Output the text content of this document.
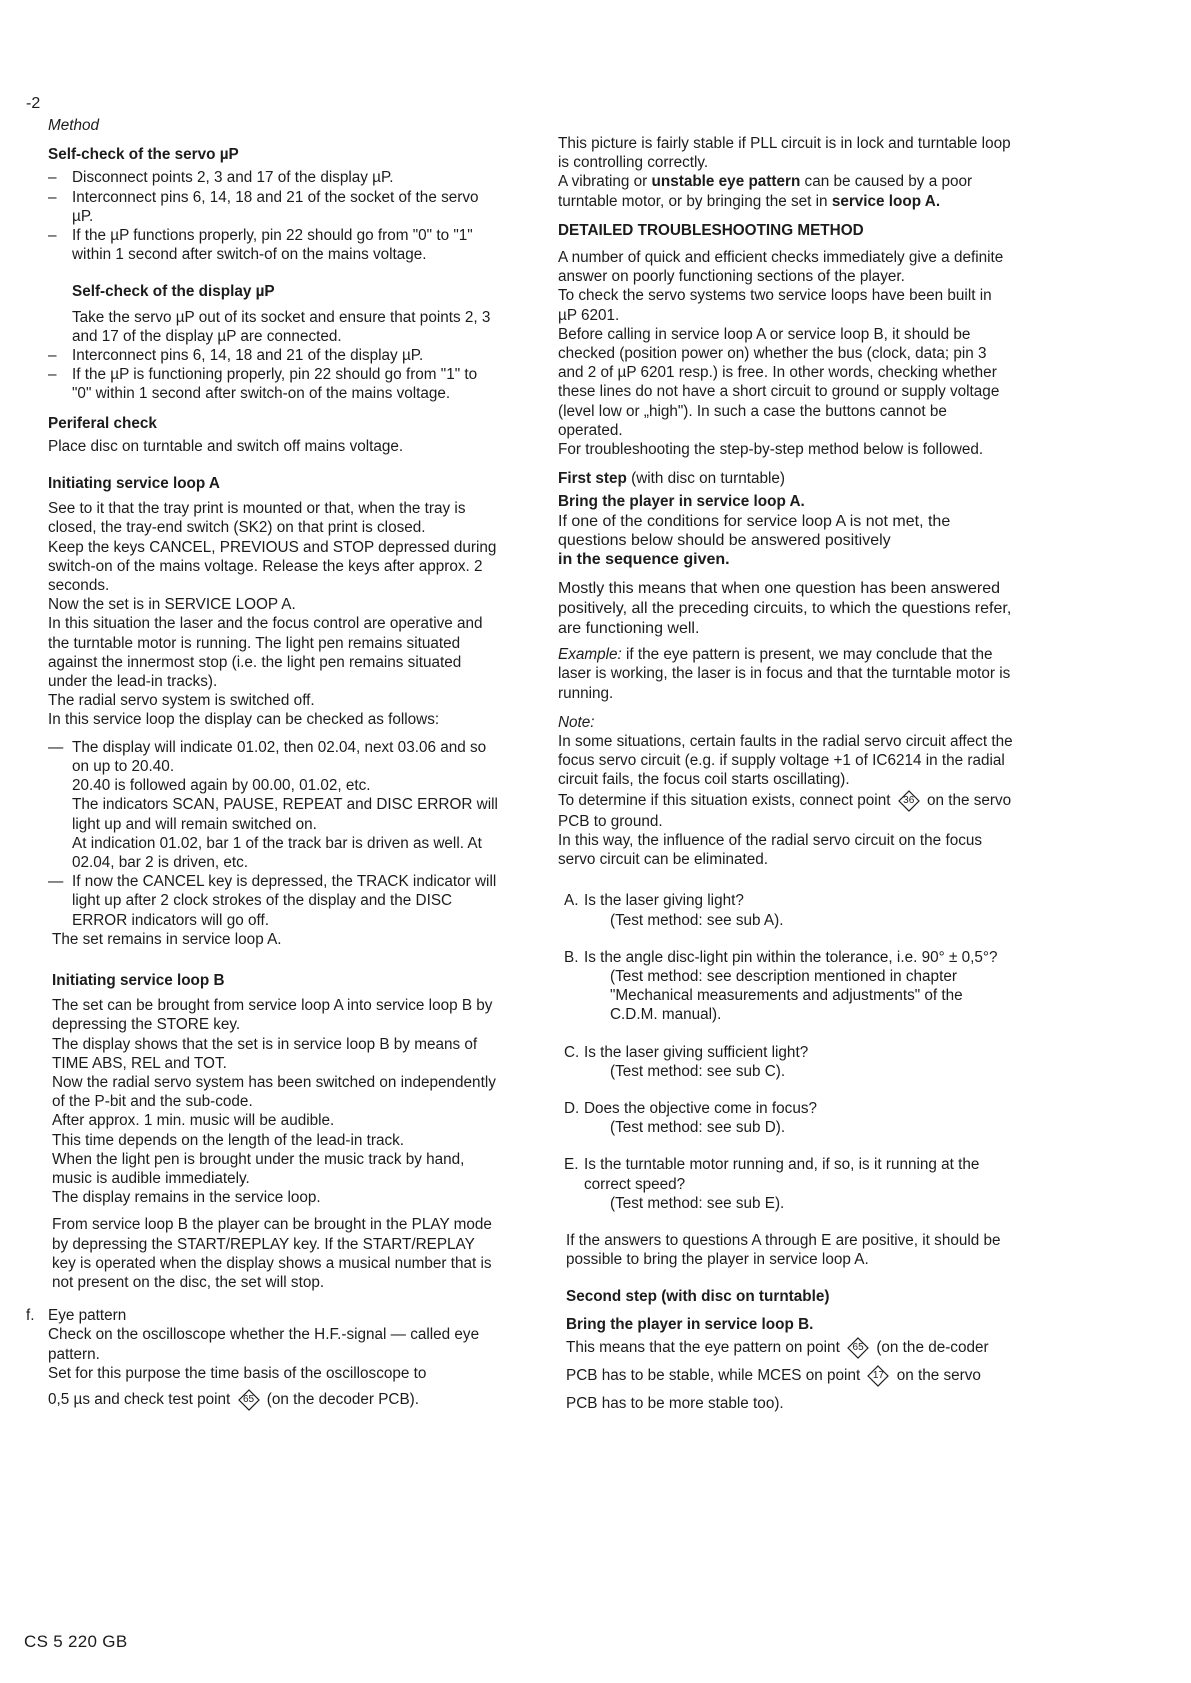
-2

Method

Self-check of the servo µP

– Disconnect points 2, 3 and 17 of the display µP.

– Interconnect pins 6, 14, 18 and 21 of the socket of the servo µP.

– If the µP functions properly, pin 22 should go from "0" to "1" within 1 second after switch-of on the mains voltage.

Self-check of the display µP

Take the servo µP out of its socket and ensure that points 2, 3 and 17 of the display µP are connected.

– Interconnect pins 6, 14, 18 and 21 of the display µP.

– If the µP is functioning properly, pin 22 should go from "1" to "0" within 1 second after switch-on of the mains voltage.

Periferal check

Place disc on turntable and switch off mains voltage.

Initiating service loop A

See to it that the tray print is mounted or that, when the tray is closed, the tray-end switch (SK2) on that print is closed.
Keep the keys CANCEL, PREVIOUS and STOP depressed during switch-on of the mains voltage. Release the keys after approx. 2 seconds.
Now the set is in SERVICE LOOP A.
In this situation the laser and the focus control are operative and the turntable motor is running. The light pen remains situated against the innermost stop (i.e. the light pen remains situated under the lead-in tracks).
The radial servo system is switched off.
In this service loop the display can be checked as follows:

— The display will indicate 01.02, then 02.04, next 03.06 and so on up to 20.40.
20.40 is followed again by 00.00, 01.02, etc.
The indicators SCAN, PAUSE, REPEAT and DISC ERROR will light up and will remain switched on.
At indication 01.02, bar 1 of the track bar is driven as well. At 02.04, bar 2 is driven, etc.

— If now the CANCEL key is depressed, the TRACK indicator will light up after 2 clock strokes of the display and the DISC ERROR indicators will go off.

The set remains in service loop A.

Initiating service loop B

The set can be brought from service loop A into service loop B by depressing the STORE key.
The display shows that the set is in service loop B by means of TIME ABS, REL and TOT.
Now the radial servo system has been switched on independently of the P-bit and the sub-code.
After approx. 1 min. music will be audible.
This time depends on the length of the lead-in track.
When the light pen is brought under the music track by hand, music is audible immediately.
The display remains in the service loop.

From service loop B the player can be brought in the PLAY mode by depressing the START/REPLAY key. If the START/REPLAY key is operated when the display shows a musical number that is not present on the disc, the set will stop.

f. Eye pattern

Check on the oscilloscope whether the H.F.-signal — called eye pattern.
Set for this purpose the time basis of the oscilloscope to

0,5 µs and check test point	65 (on the decoder PCB).

This picture is fairly stable if PLL circuit is in lock and turntable loop is controlling correctly.

A vibrating or unstable eye pattern can be caused by a poor turntable motor, or by bringing the set in service loop A.

DETAILED TROUBLESHOOTING METHOD

A number of quick and efficient checks immediately give a definite answer on poorly functioning sections of the player.
To check the servo systems two service loops have been built in µP 6201.
Before calling in service loop A or service loop B, it should be checked (position power on) whether the bus (clock, data; pin 3 and 2 of µP 6201 resp.) is free. In other words, checking whether these lines do not have a short circuit to ground or supply voltage (level low or „high"). In such a case the buttons cannot be operated.
For troubleshooting the step-by-step method below is followed.

First step (with disc on turntable)

Bring the player in service loop A.

If one of the conditions for service loop A is not met, the questions below should be answered positively

in the sequence given.

Mostly this means that when one question has been answered positively, all the preceding circuits, to which the questions refer, are functioning well.

Example: if the eye pattern is present, we may conclude that the laser is working, the laser is in focus and that the turntable motor is running.

Note:

In some situations, certain faults in the radial servo circuit affect the focus servo circuit (e.g. if supply voltage +1 of IC6214 in the radial circuit fails, the focus coil starts oscillating).

To determine if this situation exists, connect point	36 on the servo PCB to ground.

In this way, the influence of the radial servo circuit on the focus servo circuit can be eliminated.

A. Is the laser giving light?

(Test method: see sub A).

B. Is the angle disc-light pin within the tolerance, i.e. 90° ± 0,5°?

(Test method: see description mentioned in chapter "Mechanical measurements and adjustments" of the C.D.M. manual).

C. Is the laser giving sufficient light?

(Test method: see sub C).

D. Does the objective come in focus?

(Test method: see sub D).

E. Is the turntable motor running and, if so, is it running at the correct speed?

(Test method: see sub E).

If the answers to questions A through E are positive, it should be possible to bring the player in service loop A.

Second step (with disc on turntable)

Bring the player in service loop B.

This means that the eye pattern on point	65 (on the de-coder PCB has to be stable, while MCES on point	17 on the servo PCB has to be more stable too).

CS 5 220 GB
